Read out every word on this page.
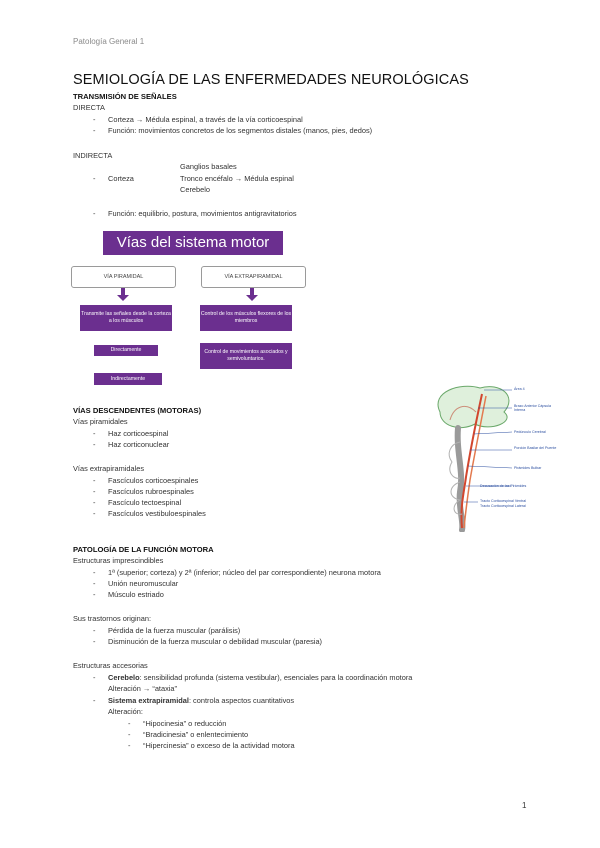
Patología General 1
SEMIOLOGÍA DE LAS ENFERMEDADES NEUROLÓGICAS
TRANSMISIÓN DE SEÑALES
DIRECTA
- Corteza → Médula espinal, a través de la vía corticoespinal
- Función: movimientos concretos de los segmentos distales (manos, pies, dedos)
INDIRECTA
Ganglios basales
- Corteza	Tronco encéfalo → Médula espinal
Cerebelo
- Función: equilibrio, postura, movimientos antigravitatorios
Vías del sistema motor
VÍA PIRAMIDAL	VÍA EXTRAPIRAMIDAL
Transmite las señales desde la corteza a los músculos
Control de los músculos flexores de los miembros
Directamente	Control de movimientos asociados y semivoluntarios.
Indirectamente
VÍAS DESCENDENTES (MOTORAS)
Vías piramidales
- Haz corticoespinal
- Haz corticonuclear
Vías extrapiramidales
- Fascículos corticoespinales
- Fascículos rubroespinales
- Fascículo tectoespinal
- Fascículos vestibuloespinales
Área 4
Brazo Anterior Cápsula Interna
Pedúnculo Cerebral
Porción Basilar del Puente
Pirámides Bulbar
Decusación de las Pirámides
Tracto Corticoespinal Ventral
Tracto Corticoespinal Lateral
PATOLOGÍA DE LA FUNCIÓN MOTORA
Estructuras imprescindibles
- 1ª (superior; corteza) y 2ª (inferior; núcleo del par correspondiente) neurona motora
- Unión neuromuscular
- Músculo estriado
Sus trastornos originan:
- Pérdida de la fuerza muscular (parálisis)
- Disminución de la fuerza muscular o debilidad muscular (paresia)
Estructuras accesorias
- Cerebelo: sensibilidad profunda (sistema vestibular), esenciales para la coordinación motora
Alteración → “ataxia”
- Sistema extrapiramidal: controla aspectos cuantitativos
Alteración:
- “Hipocinesia” o reducción
- “Bradicinesia” o enlentecimiento
- “Hipercinesia” o exceso de la actividad motora
1
